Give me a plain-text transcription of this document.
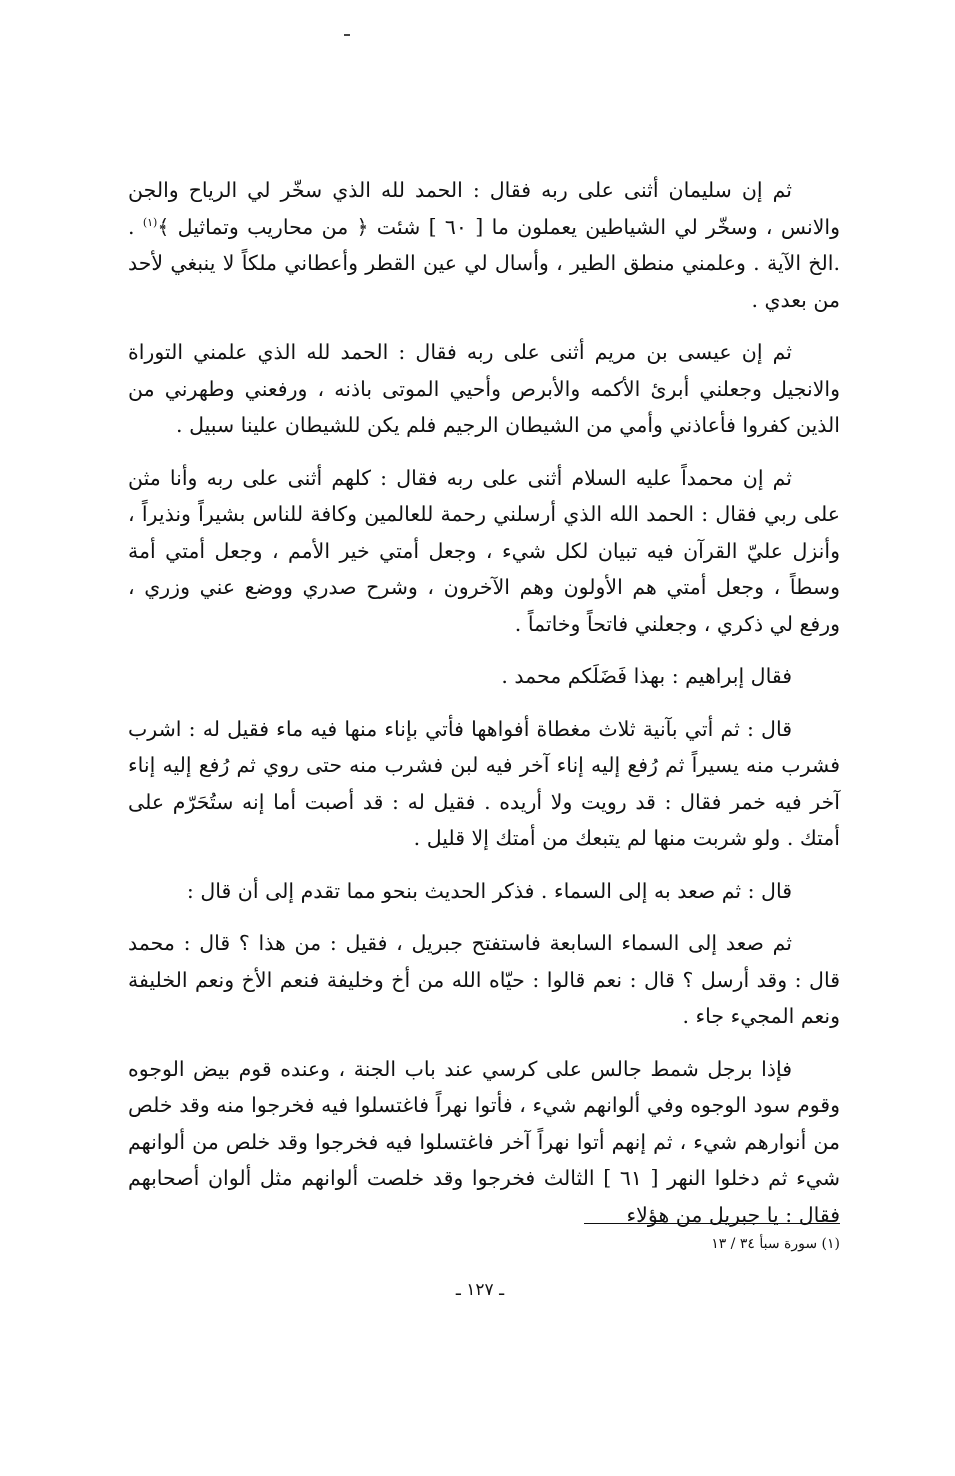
ثم إن سليمان أثنى على ربه فقال : الحمد لله الذي سخّر لي الرياح والجن والانس ، وسخّر لي الشياطين يعملون ما [ ٦٠ ] شئت ﴿ من محاريب وتماثيل ﴾$^{(١)}$ . .الخ الآية . وعلمني منطق الطير ، وأسال لي عين القطر وأعطاني ملكاً لا ينبغي لأحد من بعدي .

ثم إن عيسى بن مريم أثنى على ربه فقال : الحمد لله الذي علمني التوراة والانجيل وجعلني أبرئ الأكمه والأبرص وأحيي الموتى باذنه ، ورفعني وطهرني من الذين كفروا فأعاذني وأمي من الشيطان الرجيم فلم يكن للشيطان علينا سبيل .

ثم إن محمداً عليه السلام أثنى على ربه فقال : كلهم أثنى على ربه وأنا مثن على ربي فقال : الحمد الله الذي أرسلني رحمة للعالمين وكافة للناس بشيراً ونذيراً ، وأنزل عليّ القرآن فيه تبيان لكل شيء ، وجعل أمتي خير الأمم ، وجعل أمتي أمة وسطاً ، وجعل أمتي هم الأولون وهم الآخرون ، وشرح صدري ووضع عني وزري ، ورفع لي ذكري ، وجعلني فاتحاً وخاتماً .

فقال إبراهيم : بهذا فَضَلَكم محمد .

قال : ثم أتي بآنية ثلاث مغطاة أفواهها فأتي بإناء منها فيه ماء فقيل له : اشرب فشرب منه يسيراً ثم رُفع إليه إناء آخر فيه لبن فشرب منه حتى روي ثم رُفع إليه إناء آخر فيه خمر فقال : قد رويت ولا أريده . فقيل له : قد أصبت أما إنه ستُحَرّم على أمتك . ولو شربت منها لم يتبعك من أمتك إلا قليل .

قال : ثم صعد به إلى السماء . فذكر الحديث بنحو مما تقدم إلى أن قال :

ثم صعد إلى السماء السابعة فاستفتح جبريل ، فقيل : من هذا ؟ قال : محمد قال : وقد أرسل ؟ قال : نعم قالوا : حيّاه الله من أخ وخليفة فنعم الأخ ونعم الخليفة ونعم المجيء جاء .

فإذا برجل شمط جالس على كرسي عند باب الجنة ، وعنده قوم بيض الوجوه وقوم سود الوجوه وفي ألوانهم شيء ، فأتوا نهراً فاغتسلوا فيه فخرجوا منه وقد خلص من أنوارهم شيء ، ثم إنهم أتوا نهراً آخر فاغتسلوا فيه فخرجوا وقد خلص من ألوانهم شيء ثم دخلوا النهر [ ٦١ ] الثالث فخرجوا وقد خلصت ألوانهم مثل ألوان أصحابهم فقال : يا جبريل من هؤلاء

(١) سورة سبأ ٣٤ / ١٣
ـ ١٢٧ ـ
